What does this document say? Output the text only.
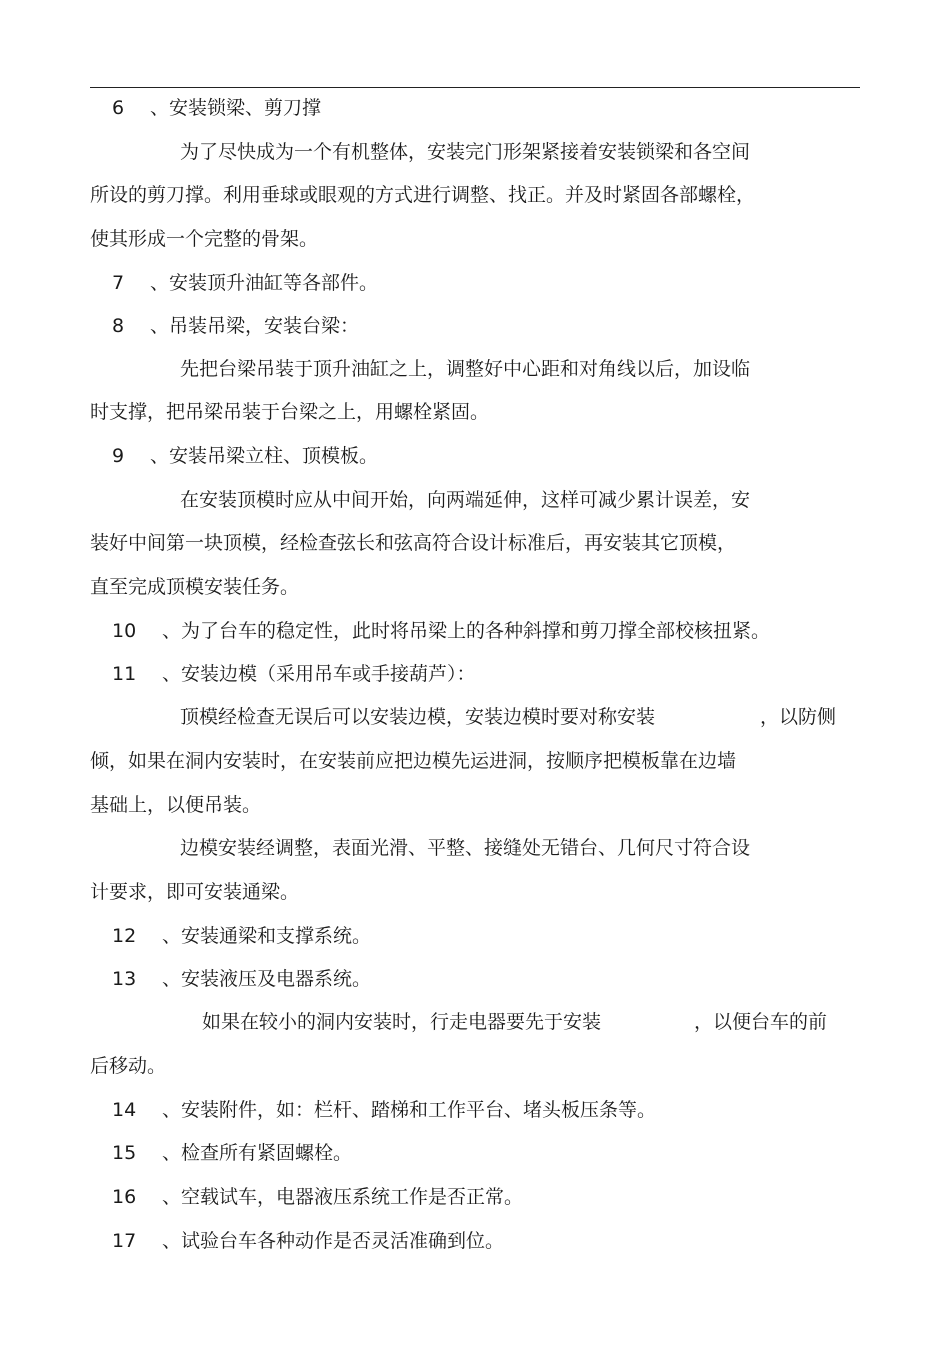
6 、安装锁梁、剪刀撑
为了尽快成为一个有机整体，安装完门形架紧接着安装锁梁和各空间
所设的剪刀撑。利用垂球或眼观的方式进行调整、找正。并及时紧固各部螺栓，
使其形成一个完整的骨架。
7 、安装顶升油缸等各部件。
8 、吊装吊梁，安装台梁：
先把台梁吊装于顶升油缸之上，调整好中心距和对角线以后，加设临
时支撑，把吊梁吊装于台梁之上，用螺栓紧固。
9 、安装吊梁立柱、顶模板。
在安装顶模时应从中间开始，向两端延伸，这样可减少累计误差，安
装好中间第一块顶模，经检查弦长和弦高符合设计标准后，再安装其它顶模，
直至完成顶模安装任务。
10 、为了台车的稳定性，此时将吊梁上的各种斜撑和剪刀撑全部校核扭紧。
11 、安装边模（采用吊车或手接葫芦）：
顶模经检查无误后可以安装边模，安装边模时要对称安装	，以防侧
倾，如果在洞内安装时，在安装前应把边模先运进洞，按顺序把模板靠在边墙
基础上，以便吊装。
边模安装经调整，表面光滑、平整、接缝处无错台、几何尺寸符合设
计要求，即可安装通梁。
12 、安装通梁和支撑系统。
13 、安装液压及电器系统。
如果在较小的洞内安装时，行走电器要先于安装	，以便台车的前
后移动。
14 、安装附件，如：栏杆、踏梯和工作平台、堵头板压条等。
15 、检查所有紧固螺栓。
16 、空载试车，电器液压系统工作是否正常。
17 、试验台车各种动作是否灵活准确到位。
